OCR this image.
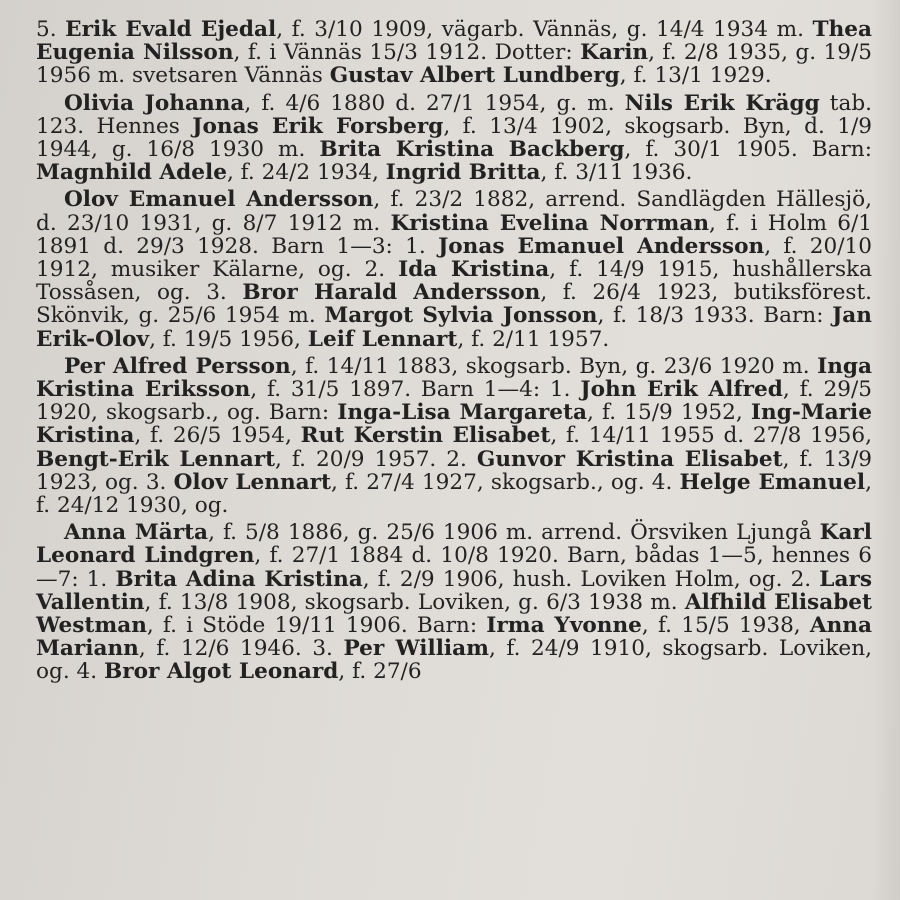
5. Erik Evald Ejedal, f. 3/10 1909, vägarb. Vännäs, g. 14/4 1934 m. Thea Eugenia Nilsson, f. i Vännäs 15/3 1912. Dotter: Karin, f. 2/8 1935, g. 19/5 1956 m. svetsaren Vännäs Gustav Albert Lundberg, f. 13/1 1929.

Olivia Johanna, f. 4/6 1880 d. 27/1 1954, g. m. Nils Erik Krägg tab. 123. Hennes Jonas Erik Forsberg, f. 13/4 1902, skogsarb. Byn, d. 1/9 1944, g. 16/8 1930 m. Brita Kristina Backberg, f. 30/1 1905. Barn: Magnhild Adele, f. 24/2 1934, Ingrid Britta, f. 3/11 1936.

Olov Emanuel Andersson, f. 23/2 1882, arrend. Sandlägden Hällesjö, d. 23/10 1931, g. 8/7 1912 m. Kristina Evelina Norrman, f. i Holm 6/1 1891 d. 29/3 1928. Barn 1—3: 1. Jonas Emanuel Andersson, f. 20/10 1912, musiker Kälarne, og. 2. Ida Kristina, f. 14/9 1915, hushållerska Tossåsen, og. 3. Bror Harald Andersson, f. 26/4 1923, butiksförest. Skönvik, g. 25/6 1954 m. Margot Sylvia Jonsson, f. 18/3 1933. Barn: Jan Erik-Olov, f. 19/5 1956, Leif Lennart, f. 2/11 1957.

Per Alfred Persson, f. 14/11 1883, skogsarb. Byn, g. 23/6 1920 m. Inga Kristina Eriksson, f. 31/5 1897. Barn 1—4: 1. John Erik Alfred, f. 29/5 1920, skogsarb., og. Barn: Inga-Lisa Margareta, f. 15/9 1952, Ing-Marie Kristina, f. 26/5 1954, Rut Kerstin Elisabet, f. 14/11 1955 d. 27/8 1956, Bengt-Erik Lennart, f. 20/9 1957. 2. Gunvor Kristina Elisabet, f. 13/9 1923, og. 3. Olov Lennart, f. 27/4 1927, skogsarb., og. 4. Helge Emanuel, f. 24/12 1930, og.

Anna Märta, f. 5/8 1886, g. 25/6 1906 m. arrend. Örsviken Ljungå Karl Leonard Lindgren, f. 27/1 1884 d. 10/8 1920. Barn, bådas 1—5, hennes 6—7: 1. Brita Adina Kristina, f. 2/9 1906, hush. Loviken Holm, og. 2. Lars Vallentin, f. 13/8 1908, skogsarb. Loviken, g. 6/3 1938 m. Alfhild Elisabet Westman, f. i Stöde 19/11 1906. Barn: Irma Yvonne, f. 15/5 1938, Anna Mariann, f. 12/6 1946. 3. Per William, f. 24/9 1910, skogsarb. Loviken, og. 4. Bror Algot Leonard, f. 27/6
